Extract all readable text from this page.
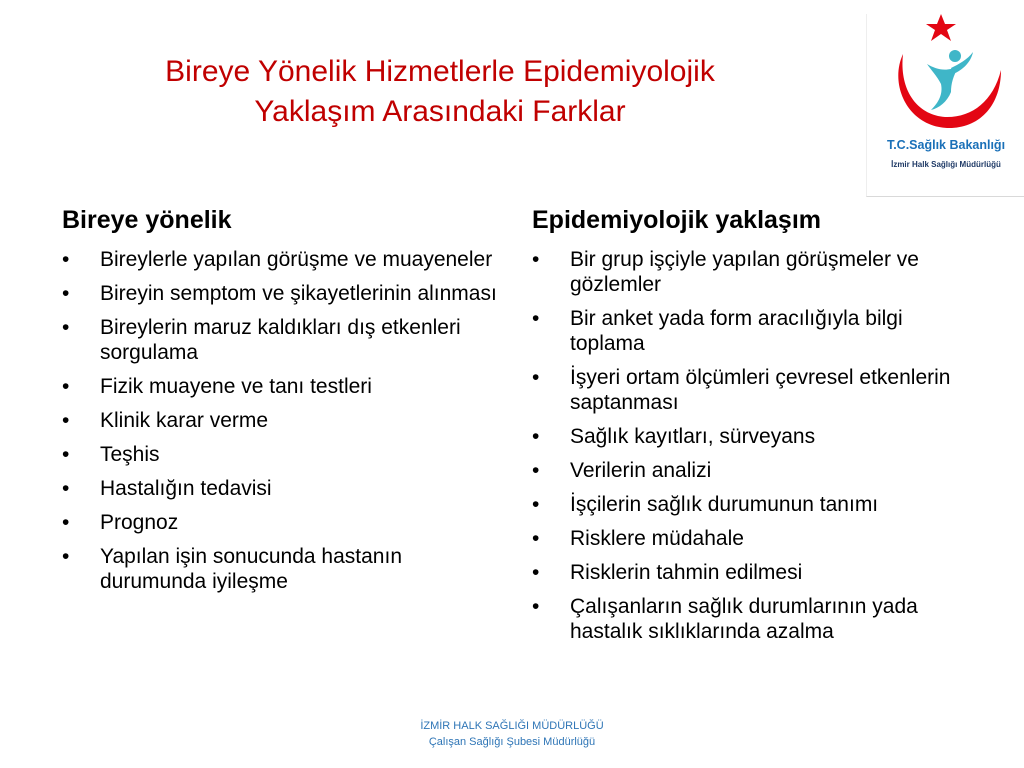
Bireye Yönelik Hizmetlerle Epidemiyolojik
Yaklaşım Arasındaki Farklar
T.C.Sağlık Bakanlığı
İzmir Halk Sağlığı Müdürlüğü
Bireye yönelik
• Bireylerle yapılan görüşme ve muayeneler
• Bireyin semptom ve şikayetlerinin alınması
• Bireylerin maruz kaldıkları dış etkenleri sorgulama
• Fizik muayene ve tanı testleri
• Klinik karar verme
• Teşhis
• Hastalığın tedavisi
• Prognoz
• Yapılan işin sonucunda hastanın durumunda iyileşme
Epidemiyolojik yaklaşım
• Bir grup işçiyle yapılan görüşmeler ve gözlemler
• Bir anket yada form aracılığıyla bilgi toplama
• İşyeri ortam ölçümleri çevresel etkenlerin saptanması
• Sağlık kayıtları, sürveyans
• Verilerin analizi
• İşçilerin sağlık durumunun tanımı
• Risklere müdahale
• Risklerin tahmin edilmesi
• Çalışanların sağlık durumlarının yada hastalık sıklıklarında azalma
İZMİR HALK SAĞLIĞI MÜDÜRLÜĞÜ
Çalışan Sağlığı Şubesi Müdürlüğü
